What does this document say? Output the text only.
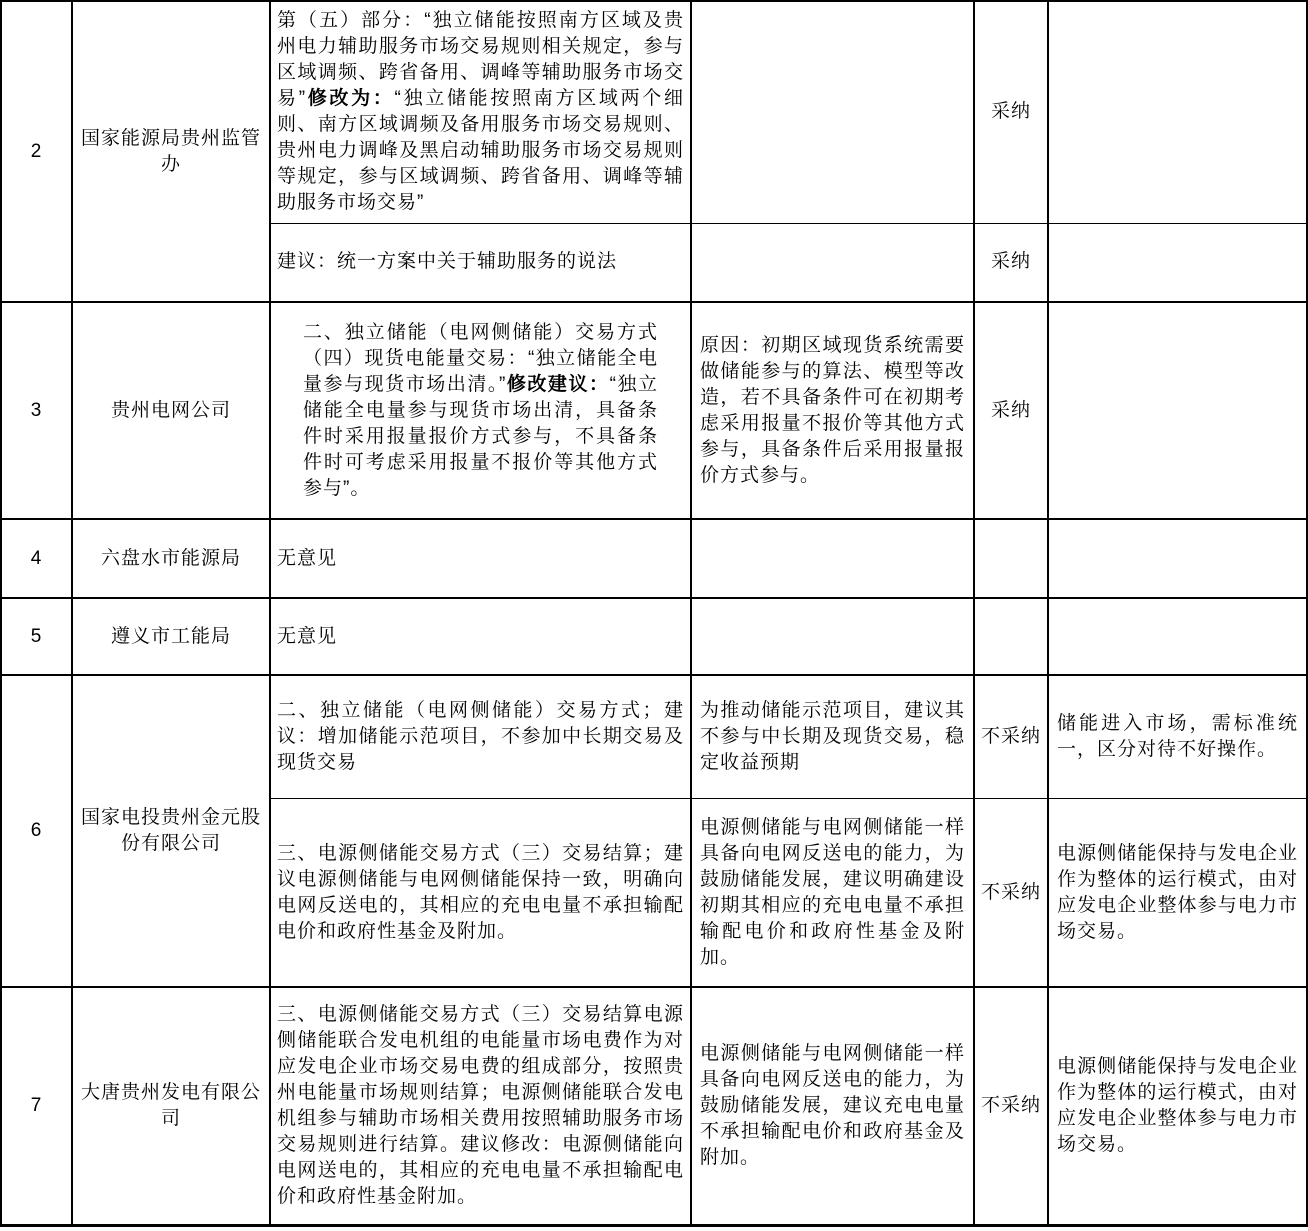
2	国家能源局贵州监管办	第（五）部分：“独立储能按照南方区域及贵州电力辅助服务市场交易规则相关规定，参与区域调频、跨省备用、调峰等辅助服务市场交易”修改为：“独立储能按照南方区域两个细则、南方区域调频及备用服务市场交易规则、贵州电力调峰及黑启动辅助服务市场交易规则等规定，参与区域调频、跨省备用、调峰等辅助服务市场交易”		采纳	
		建议：统一方案中关于辅助服务的说法		采纳	
3	贵州电网公司	二、独立储能（电网侧储能）交易方式（四）现货电能量交易：“独立储能全电量参与现货市场出清。”修改建议：“独立储能全电量参与现货市场出清，具备条件时采用报量报价方式参与，不具备条件时可考虑采用报量不报价等其他方式参与”。	原因：初期区域现货系统需要做储能参与的算法、模型等改造，若不具备条件可在初期考虑采用报量不报价等其他方式参与，具备条件后采用报量报价方式参与。	采纳	
4	六盘水市能源局	无意见			
5	遵义市工能局	无意见			
6	国家电投贵州金元股份有限公司	二、独立储能（电网侧储能）交易方式；建议：增加储能示范项目，不参加中长期交易及现货交易	为推动储能示范项目，建议其不参与中长期及现货交易，稳定收益预期	不采纳	储能进入市场，需标准统一，区分对待不好操作。
		三、电源侧储能交易方式（三）交易结算；建议电源侧储能与电网侧储能保持一致，明确向电网反送电的，其相应的充电电量不承担输配电价和政府性基金及附加。	电源侧储能与电网侧储能一样具备向电网反送电的能力，为鼓励储能发展，建议明确建设初期其相应的充电电量不承担输配电价和政府性基金及附加。	不采纳	电源侧储能保持与发电企业作为整体的运行模式，由对应发电企业整体参与电力市场交易。
7	大唐贵州发电有限公司	三、电源侧储能交易方式（三）交易结算电源侧储能联合发电机组的电能量市场电费作为对应发电企业市场交易电费的组成部分，按照贵州电能量市场规则结算；电源侧储能联合发电机组参与辅助市场相关费用按照辅助服务市场交易规则进行结算。建议修改：电源侧储能向电网送电的，其相应的充电电量不承担输配电价和政府性基金附加。	电源侧储能与电网侧储能一样具备向电网反送电的能力，为鼓励储能发展，建议充电电量不承担输配电价和政府基金及附加。	不采纳	电源侧储能保持与发电企业作为整体的运行模式，由对应发电企业整体参与电力市场交易。
